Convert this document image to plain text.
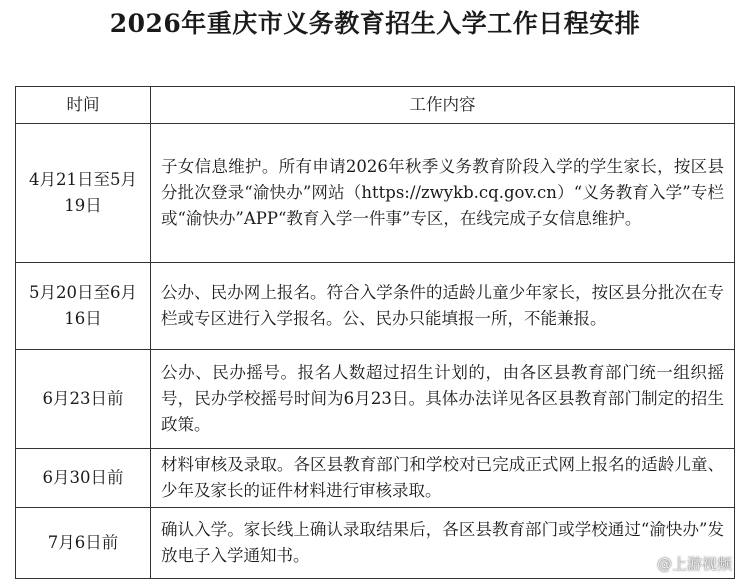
2026年重庆市义务教育招生入学工作日程安排
时间	工作内容
4月21日至5月19日	子女信息维护。所有申请2026年秋季义务教育阶段入学的学生家长，按区县分批次登录“渝快办”网站（https://zwykb.cq.gov.cn）“义务教育入学”专栏或“渝快办”APP“教育入学一件事”专区，在线完成子女信息维护。
5月20日至6月16日	公办、民办网上报名。符合入学条件的适龄儿童少年家长，按区县分批次在专栏或专区进行入学报名。公、民办只能填报一所，不能兼报。
6月23日前	公办、民办摇号。报名人数超过招生计划的，由各区县教育部门统一组织摇号，民办学校摇号时间为6月23日。具体办法详见各区县教育部门制定的招生政策。
6月30日前	材料审核及录取。各区县教育部门和学校对已完成正式网上报名的适龄儿童、少年及家长的证件材料进行审核录取。
7月6日前	确认入学。家长线上确认录取结果后，各区县教育部门或学校通过“渝快办”发放电子入学通知书。	@上游视频
